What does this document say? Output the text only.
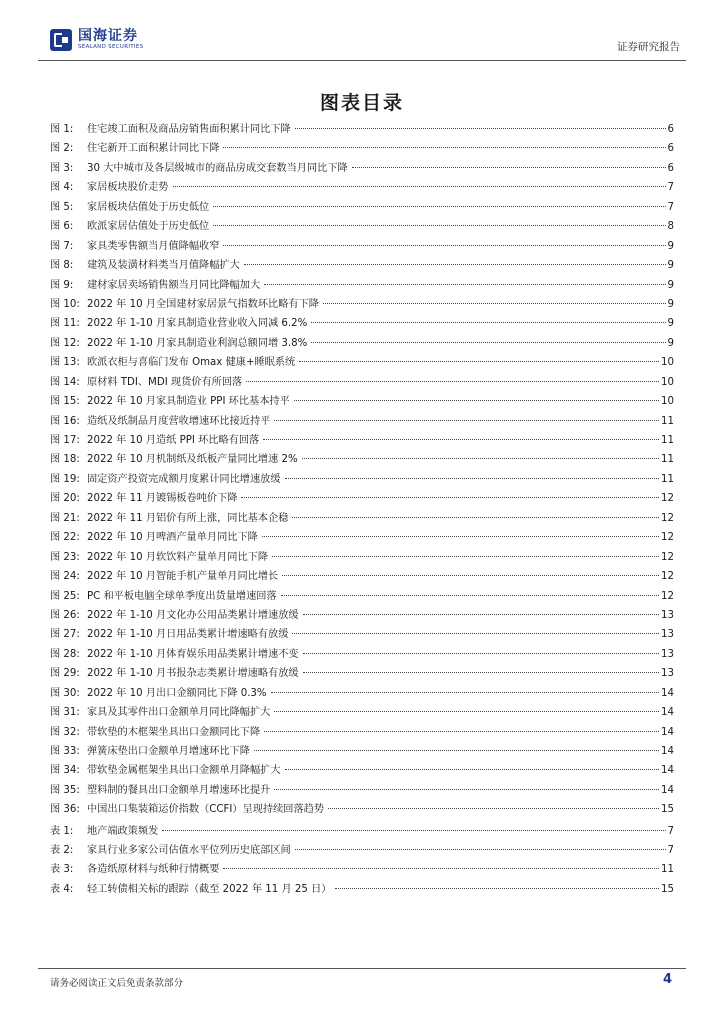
国海证券
SEALAND SECURITIES	证券研究报告
图表目录
图 1:	住宅竣工面积及商品房销售面积累计同比下降	6
图 2:	住宅新开工面积累计同比下降	6
图 3:	30 大中城市及各层级城市的商品房成交套数当月同比下降	6
图 4:	家居板块股价走势	7
图 5:	家居板块估值处于历史低位	7
图 6:	欧派家居估值处于历史低位	8
图 7:	家具类零售额当月值降幅收窄	9
图 8:	建筑及装潢材料类当月值降幅扩大	9
图 9:	建材家居卖场销售额当月同比降幅加大	9
图 10: 2022 年 10 月全国建材家居景气指数环比略有下降	9
图 11: 2022 年 1-10 月家具制造业营业收入同减 6.2%	9
图 12: 2022 年 1-10 月家具制造业利润总额同增 3.8%	9
图 13: 欧派衣柜与喜临门发布 Omax 健康+睡眠系统	10
图 14: 原材料 TDI、MDI 现货价有所回落	10
图 15: 2022 年 10 月家具制造业 PPI 环比基本持平	10
图 16: 造纸及纸制品月度营收增速环比接近持平	11
图 17: 2022 年 10 月造纸 PPI 环比略有回落	11
图 18: 2022 年 10 月机制纸及纸板产量同比增速 2%	11
图 19: 固定资产投资完成额月度累计同比增速放缓	11
图 20: 2022 年 11 月镀锡板卷吨价下降	12
图 21: 2022 年 11 月铝价有所上涨，同比基本企稳	12
图 22: 2022 年 10 月啤酒产量单月同比下降	12
图 23: 2022 年 10 月软饮料产量单月同比下降	12
图 24: 2022 年 10 月智能手机产量单月同比增长	12
图 25: PC 和平板电脑全球单季度出货量增速回落	12
图 26: 2022 年 1-10 月文化办公用品类累计增速放缓	13
图 27: 2022 年 1-10 月日用品类累计增速略有放缓	13
图 28: 2022 年 1-10 月体育娱乐用品类累计增速不变	13
图 29: 2022 年 1-10 月书报杂志类累计增速略有放缓	13
图 30: 2022 年 10 月出口金额同比下降 0.3%	14
图 31: 家具及其零件出口金额单月同比降幅扩大	14
图 32: 带软垫的木框架坐具出口金额同比下降	14
图 33: 弹簧床垫出口金额单月增速环比下降	14
图 34: 带软垫金属框架坐具出口金额单月降幅扩大	14
图 35: 塑料制的餐具出口金额单月增速环比提升	14
图 36: 中国出口集装箱运价指数（CCFI）呈现持续回落趋势	15
表 1:	地产端政策频发	7
表 2:	家具行业多家公司估值水平位列历史底部区间	7
表 3:	各造纸原材料与纸种行情概要	11
表 4:	轻工转债相关标的跟踪（截至 2022 年 11 月 25 日）	15
请务必阅读正文后免责条款部分	4
